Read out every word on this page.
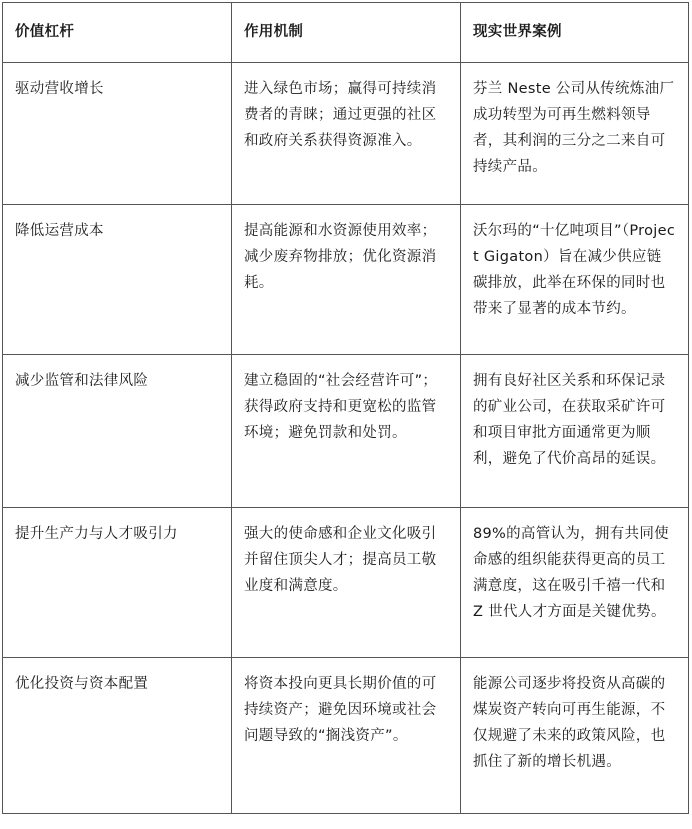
价值杠杆	作用机制	现实世界案例
驱动营收增长	进入绿色市场；赢得可持续消费者的青睐；通过更强的社区和政府关系获得资源准入。	芬兰 Neste 公司从传统炼油厂成功转型为可再生燃料领导者，其利润的三分之二来自可持续产品。
降低运营成本	提高能源和水资源使用效率；减少废弃物排放；优化资源消耗。	沃尔玛的“十亿吨项目”（Project Gigaton）旨在减少供应链碳排放，此举在环保的同时也带来了显著的成本节约。
减少监管和法律风险	建立稳固的“社会经营许可”；获得政府支持和更宽松的监管环境；避免罚款和处罚。	拥有良好社区关系和环保记录的矿业公司，在获取采矿许可和项目审批方面通常更为顺利，避免了代价高昂的延误。
提升生产力与人才吸引力	强大的使命感和企业文化吸引并留住顶尖人才；提高员工敬业度和满意度。	89%的高管认为，拥有共同使命感的组织能获得更高的员工满意度，这在吸引千禧一代和 Z 世代人才方面是关键优势。
优化投资与资本配置	将资本投向更具长期价值的可持续资产；避免因环境或社会问题导致的“搁浅资产”。	能源公司逐步将投资从高碳的煤炭资产转向可再生能源，不仅规避了未来的政策风险，也抓住了新的增长机遇。
